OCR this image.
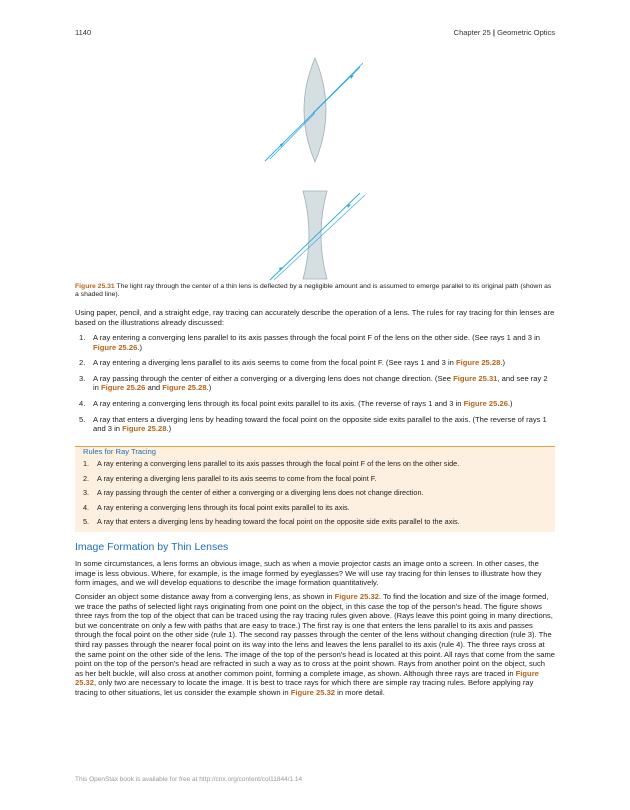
1140	Chapter 25 | Geometric Optics
Figure 25.31 The light ray through the center of a thin lens is deflected by a negligible amount and is assumed to emerge parallel to its original path (shown as a shaded line).
Using paper, pencil, and a straight edge, ray tracing can accurately describe the operation of a lens. The rules for ray tracing for thin lenses are based on the illustrations already discussed:
1. A ray entering a converging lens parallel to its axis passes through the focal point F of the lens on the other side. (See rays 1 and 3 in Figure 25.26.)
2. A ray entering a diverging lens parallel to its axis seems to come from the focal point F. (See rays 1 and 3 in Figure 25.28.)
3. A ray passing through the center of either a converging or a diverging lens does not change direction. (See Figure 25.31, and see ray 2 in Figure 25.26 and Figure 25.28.)
4. A ray entering a converging lens through its focal point exits parallel to its axis. (The reverse of rays 1 and 3 in Figure 25.26.)
5. A ray that enters a diverging lens by heading toward the focal point on the opposite side exits parallel to the axis. (The reverse of rays 1 and 3 in Figure 25.28.)
Rules for Ray Tracing
1. A ray entering a converging lens parallel to its axis passes through the focal point F of the lens on the other side.
2. A ray entering a diverging lens parallel to its axis seems to come from the focal point F.
3. A ray passing through the center of either a converging or a diverging lens does not change direction.
4. A ray entering a converging lens through its focal point exits parallel to its axis.
5. A ray that enters a diverging lens by heading toward the focal point on the opposite side exits parallel to the axis.
Image Formation by Thin Lenses
In some circumstances, a lens forms an obvious image, such as when a movie projector casts an image onto a screen. In other cases, the image is less obvious. Where, for example, is the image formed by eyeglasses? We will use ray tracing for thin lenses to illustrate how they form images, and we will develop equations to describe the image formation quantitatively.
Consider an object some distance away from a converging lens, as shown in Figure 25.32. To find the location and size of the image formed, we trace the paths of selected light rays originating from one point on the object, in this case the top of the person's head. The figure shows three rays from the top of the object that can be traced using the ray tracing rules given above. (Rays leave this point going in many directions, but we concentrate on only a few with paths that are easy to trace.) The first ray is one that enters the lens parallel to its axis and passes through the focal point on the other side (rule 1). The second ray passes through the center of the lens without changing direction (rule 3). The third ray passes through the nearer focal point on its way into the lens and leaves the lens parallel to its axis (rule 4). The three rays cross at the same point on the other side of the lens. The image of the top of the person's head is located at this point. All rays that come from the same point on the top of the person's head are refracted in such a way as to cross at the point shown. Rays from another point on the object, such as her belt buckle, will also cross at another common point, forming a complete image, as shown. Although three rays are traced in Figure 25.32, only two are necessary to locate the image. It is best to trace rays for which there are simple ray tracing rules. Before applying ray tracing to other situations, let us consider the example shown in Figure 25.32 in more detail.
This OpenStax book is available for free at http://cnx.org/content/col11844/1.14
